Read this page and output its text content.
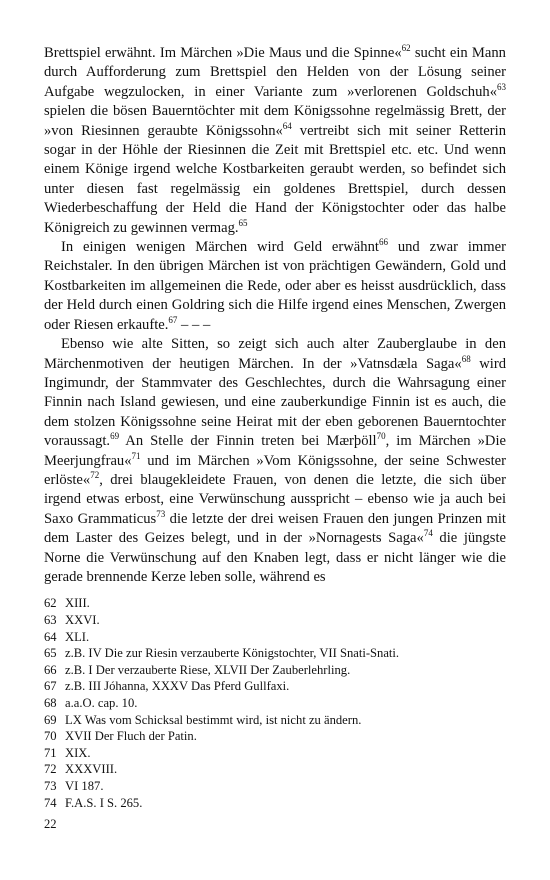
Brettspiel erwähnt. Im Märchen »Die Maus und die Spinne«$^{62}$ sucht ein Mann durch Aufforderung zum Brettspiel den Helden von der Lösung seiner Aufgabe wegzulocken, in einer Variante zum »verlorenen Goldschuh«$^{63}$ spielen die bösen Bauerntöchter mit dem Königssohne regelmässig Brett, der »von Riesinnen geraubte Königssohn«$^{64}$ vertreibt sich mit seiner Retterin sogar in der Höhle der Riesinnen die Zeit mit Brettspiel etc. etc. Und wenn einem Könige irgend welche Kostbarkeiten geraubt werden, so befindet sich unter diesen fast regelmässig ein goldenes Brettspiel, durch dessen Wiederbeschaffung der Held die Hand der Königstochter oder das halbe Königreich zu gewinnen vermag.$^{65}$

In einigen wenigen Märchen wird Geld erwähnt$^{66}$ und zwar immer Reichstaler. In den übrigen Märchen ist von prächtigen Gewändern, Gold und Kostbarkeiten im allgemeinen die Rede, oder aber es heisst ausdrücklich, dass der Held durch einen Goldring sich die Hilfe irgend eines Menschen, Zwergen oder Riesen erkaufte.$^{67}$ – – –

Ebenso wie alte Sitten, so zeigt sich auch alter Zauberglaube in den Märchenmotiven der heutigen Märchen. In der »Vatnsdæla Saga«$^{68}$ wird Ingimundr, der Stammvater des Geschlechtes, durch die Wahrsagung einer Finnin nach Island gewiesen, und eine zauberkundige Finnin ist es auch, die dem stolzen Königssohne seine Heirat mit der eben geborenen Bauerntochter voraussagt.$^{69}$ An Stelle der Finnin treten bei Mærþöll$^{70}$, im Märchen »Die Meerjungfrau«$^{71}$ und im Märchen »Vom Königssohne, der seine Schwester erlöste«$^{72}$, drei blaugekleidete Frauen, von denen die letzte, die sich über irgend etwas erbost, eine Verwünschung ausspricht – ebenso wie ja auch bei Saxo Grammaticus$^{73}$ die letzte der drei weisen Frauen den jungen Prinzen mit dem Laster des Geizes belegt, und in der »Nornagests Saga«$^{74}$ die jüngste Norne die Verwünschung auf den Knaben legt, dass er nicht länger wie die gerade brennende Kerze leben solle, während es

62 XIII.
63 XXVI.
64 XLI.
65 z.B. IV Die zur Riesin verzauberte Königstochter, VII Snati-Snati.
66 z.B. I Der verzauberte Riese, XLVII Der Zauberlehrling.
67 z.B. III Jóhanna, XXXV Das Pferd Gullfaxi.
68 a.a.O. cap. 10.
69 LX Was vom Schicksal bestimmt wird, ist nicht zu ändern.
70 XVII Der Fluch der Patin.
71 XIX.
72 XXXVIII.
73 VI 187.
74 F.A.S. I S. 265.
22
